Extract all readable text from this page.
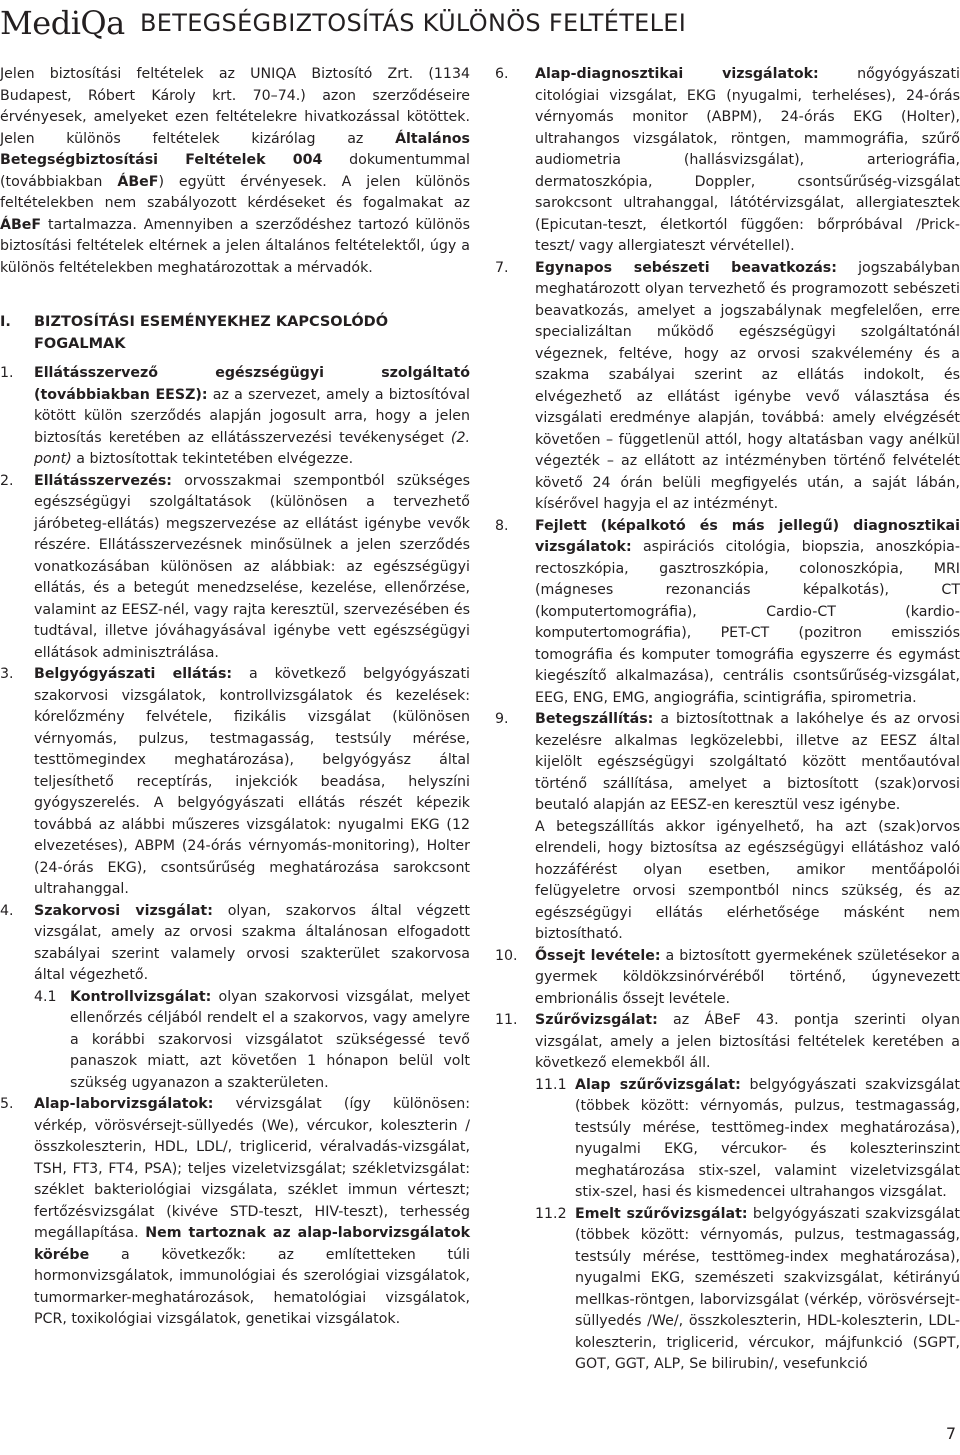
MediQa BETEGSÉGBIZTOSÍTÁS KÜLÖNÖS FELTÉTELEI

Jelen biztosítási feltételek az UNIQA Biztosító Zrt. (1134 Budapest, Róbert Károly krt. 70–74.) azon szerződéseire érvényesek, amelyeket ezen feltételekre hivatkozással kötöttek. Jelen különös feltételek kizárólag az Általános Betegségbiztosítási Feltételek 004 dokumentummal (továbbiakban ÁBeF) együtt érvényesek. A jelen különös feltételekben nem szabályozott kérdéseket és fogalmakat az ÁBeF tartalmazza. Amennyiben a szerződéshez tartozó különös biztosítási feltételek eltérnek a jelen általános feltételektől, úgy a különös feltételekben meghatározottak a mérvadók.

I.	BIZTOSÍTÁSI ESEMÉNYEKHEZ KAPCSOLÓDÓ FOGALMAK
1.	Ellátásszervező egészségügyi szolgáltató (továbbiakban EESZ): az a szervezet, amely a biztosítóval kötött külön szerződés alapján jogosult arra, hogy a jelen biztosítás keretében az ellátásszervezési tevékenységet (2. pont) a biztosítottak tekintetében elvégezze.

2.	Ellátásszervezés: orvosszakmai szempontból szükséges egészségügyi szolgáltatások (különösen a tervezhető járóbeteg-ellátás) megszervezése az ellátást igénybe vevők részére. Ellátásszervezésnek minősülnek a jelen szerződés vonatkozásában különösen az alábbiak: az egészségügyi ellátás, és a betegút menedzselése, kezelése, ellenőrzése, valamint az EESZ-nél, vagy rajta keresztül, szervezésében és tudtával, illetve jóváhagyásával igénybe vett egészségügyi ellátások adminisztrálása.

3.	Belgyógyászati ellátás: a következő belgyógyászati szakorvosi vizsgálatok, kontrollvizsgálatok és kezelések: kórelőzmény felvétele, fizikális vizsgálat (különösen vérnyomás, pulzus, testmagasság, testsúly mérése, testtömegindex meghatározása), belgyógyász által teljesíthető receptírás, injekciók beadása, helyszíni gyógyszerelés. A belgyógyászati ellátás részét képezik továbbá az alábbi műszeres vizsgálatok: nyugalmi EKG (12 elvezetéses), ABPM (24-órás vérnyomás-monitoring), Holter (24-órás EKG), csontsűrűség meghatározása sarokcsont ultrahanggal.

4.	Szakorvosi vizsgálat: olyan, szakorvos által végzett vizsgálat, amely az orvosi szakma általánosan elfogadott szabályai szerint valamely orvosi szakterület szakorvosa által végezhető.

4.1 Kontrollvizsgálat: olyan szakorvosi vizsgálat, melyet ellenőrzés céljából rendelt el a szakorvos, vagy amelyre a korábbi szakorvosi vizsgálatot szükségessé tevő panaszok miatt, azt követően 1 hónapon belül volt szükség ugyanazon a szakterületen.

5.	Alap-laborvizsgálatok: vérvizsgálat (így különösen: vérkép, vörösvérsejt-süllyedés (We), vércukor, koleszterin /összkoleszterin, HDL, LDL/, triglicerid, véralvadás-vizsgálat, TSH, FT3, FT4, PSA); teljes vizeletvizsgálat; székletvizsgálat: széklet bakteriológiai vizsgálata, széklet immun vérteszt; fertőzésvizsgálat (kivéve STD-teszt, HIV-teszt), terhesség megállapítása. Nem tartoznak az alap-laborvizsgálatok körébe a következők: az említetteken túli hormonvizsgálatok, immunológiai és szerológiai vizsgálatok, tumormarker-meghatározások, hematológiai vizsgálatok, PCR, toxikológiai vizsgálatok, genetikai vizsgálatok.

6.	Alap-diagnosztikai vizsgálatok: nőgyógyászati citológiai vizsgálat, EKG (nyugalmi, terheléses), 24-órás vérnyomás monitor (ABPM), 24-órás EKG (Holter), ultrahangos vizsgálatok, röntgen, mammográfia, szűrő audiometria (hallásvizsgálat), arteriográfia, dermatoszkópia, Doppler, csontsűrűség-vizsgálat sarokcsont ultrahanggal, látótérvizsgálat, allergiatesztek (Epicutan-teszt, életkortól függően: bőrpróbával /Prick-teszt/ vagy allergiateszt vérvétellel).

7.	Egynapos sebészeti beavatkozás: jogszabályban meghatározott olyan tervezhető és programozott sebészeti beavatkozás, amelyet a jogszabálynak megfelelően, erre specializáltan működő egészségügyi szolgáltatónál végeznek, feltéve, hogy az orvosi szakvélemény és a szakma szabályai szerint az ellátás indokolt, és elvégezhető az ellátást igénybe vevő választása és vizsgálati eredménye alapján, továbbá: amely elvégzését követően – függetlenül attól, hogy altatásban vagy anélkül végezték – az ellátott az intézményben történő felvételét követő 24 órán belüli megfigyelés után, a saját lábán, kísérővel hagyja el az intézményt.

8.	Fejlett (képalkotó és más jellegű) diagnosztikai vizsgálatok: aspirációs citológia, biopszia, anoszkópia-rectoszkópia, gasztroszkópia, colonoszkópia, MRI (mágneses rezonanciás képalkotás), CT (komputertomográfia), Cardio-CT (kardio-komputertomográfia), PET-CT (pozitron emissziós tomográfia és komputer tomográfia egyszerre és egymást kiegészítő alkalmazása), centrális csontsűrűség-vizsgálat, EEG, ENG, EMG, angiográfia, scintigráfia, spirometria.

9.	Betegszállítás: a biztosítottnak a lakóhelye és az orvosi kezelésre alkalmas legközelebbi, illetve az EESZ által kijelölt egészségügyi szolgáltató között mentőautóval történő szállítása, amelyet a biztosított (szak)orvosi beutaló alapján az EESZ-en keresztül vesz igénybe.

A betegszállítás akkor igényelhető, ha azt (szak)orvos elrendeli, hogy biztosítsa az egészségügyi ellátáshoz való hozzáférést olyan esetben, amikor mentőápolói felügyeletre orvosi szempontból nincs szükség, és az egészségügyi ellátás elérhetősége másként nem biztosítható.

10.	Őssejt levétele: a biztosított gyermekének születésekor a gyermek köldökzsinórvéréből történő, úgynevezett embrionális őssejt levétele.

11.	Szűrővizsgálat: az ÁBeF 43. pontja szerinti olyan vizsgálat, amely a jelen biztosítási feltételek keretében a következő elemekből áll.

11.1 Alap szűrővizsgálat: belgyógyászati szakvizsgálat (többek között: vérnyomás, pulzus, testmagasság, testsúly mérése, testtömeg-index meghatározása), nyugalmi EKG, vércukor- és koleszterinszint meghatározása stix-szel, valamint vizeletvizsgálat stix-szel, hasi és kismedencei ultrahangos vizsgálat.

11.2 Emelt szűrővizsgálat: belgyógyászati szakvizsgálat (többek között: vérnyomás, pulzus, testmagasság, testsúly mérése, testtömeg-index meghatározása), nyugalmi EKG, szemészeti szakvizsgálat, kétirányú mellkas-röntgen, laborvizsgálat (vérkép, vörösvérsejt-süllyedés /We/, összkoleszterin, HDL-koleszterin, LDL-koleszterin, triglicerid, vércukor, májfunkció (SGPT, GOT, GGT, ALP, Se bilirubin/, vesefunkció

7
